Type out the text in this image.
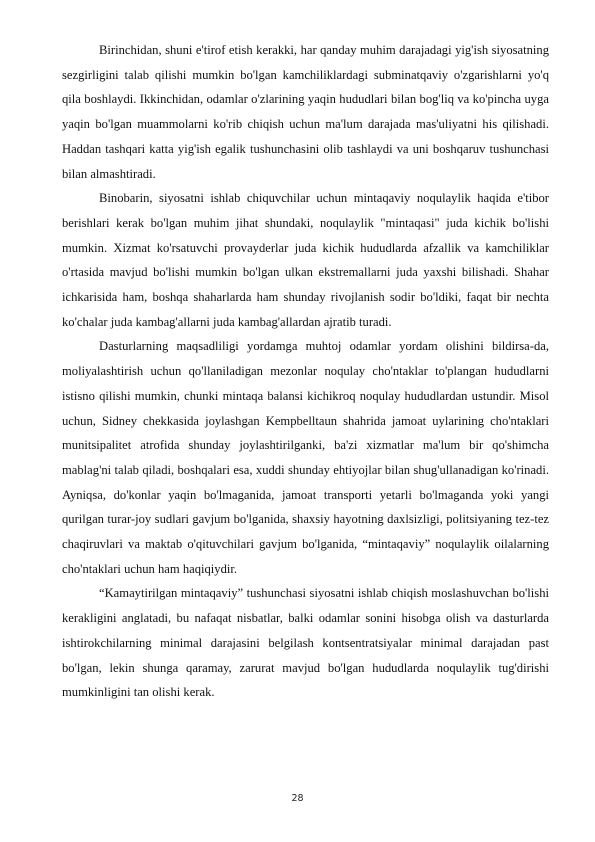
Birinchidan, shuni e'tirof etish kerakki, har qanday muhim darajadagi yig'ish siyosatning sezgirligini talab qilishi mumkin bo'lgan kamchiliklardagi subminatqaviy o'zgarishlarni yo'q qila boshlaydi. Ikkinchidan, odamlar o'zlarining yaqin hududlari bilan bog'liq va ko'pincha uyga yaqin bo'lgan muammolarni ko'rib chiqish uchun ma'lum darajada mas'uliyatni his qilishadi. Haddan tashqari katta yig'ish egalik tushunchasini olib tashlaydi va uni boshqaruv tushunchasi bilan almashtiradi.

Binobarin, siyosatni ishlab chiquvchilar uchun mintaqaviy noqulaylik haqida e'tibor berishlari kerak bo'lgan muhim jihat shundaki, noqulaylik "mintaqasi" juda kichik bo'lishi mumkin. Xizmat ko'rsatuvchi provayderlar juda kichik hududlarda afzallik va kamchiliklar o'rtasida mavjud bo'lishi mumkin bo'lgan ulkan ekstremallarni juda yaxshi bilishadi. Shahar ichkarisida ham, boshqa shaharlarda ham shunday rivojlanish sodir bo'ldiki, faqat bir nechta ko'chalar juda kambag'allarni juda kambag'allardan ajratib turadi.

Dasturlarning maqsadliligi yordamga muhtoj odamlar yordam olishini bildirsa-da, moliyalashtirish uchun qo'llaniladigan mezonlar noqulay cho'ntaklar to'plangan hududlarni istisno qilishi mumkin, chunki mintaqa balansi kichikroq noqulay hududlardan ustundir. Misol uchun, Sidney chekkasida joylashgan Kempbelltaun shahrida jamoat uylarining cho'ntaklari munitsipalitet atrofida shunday joylashtirilganki, ba'zi xizmatlar ma'lum bir qo'shimcha mablag'ni talab qiladi, boshqalari esa, xuddi shunday ehtiyojlar bilan shug'ullanadigan ko'rinadi. Ayniqsa, do'konlar yaqin bo'lmaganida, jamoat transporti yetarli bo'lmaganda yoki yangi qurilgan turar-joy sudlari gavjum bo'lganida, shaxsiy hayotning daxlsizligi, politsiyaning tez-tez chaqiruvlari va maktab o'qituvchilari gavjum bo'lganida, “mintaqaviy” noqulaylik oilalarning cho'ntaklari uchun ham haqiqiydir.

“Kamaytirilgan mintaqaviy” tushunchasi siyosatni ishlab chiqish moslashuvchan bo'lishi kerakligini anglatadi, bu nafaqat nisbatlar, balki odamlar sonini hisobga olish va dasturlarda ishtirokchilarning minimal darajasini belgilash kontsentratsiyalar minimal darajadan past bo'lgan, lekin shunga qaramay, zarurat mavjud bo'lgan hududlarda noqulaylik tug'dirishi mumkinligini tan olishi kerak.

28
